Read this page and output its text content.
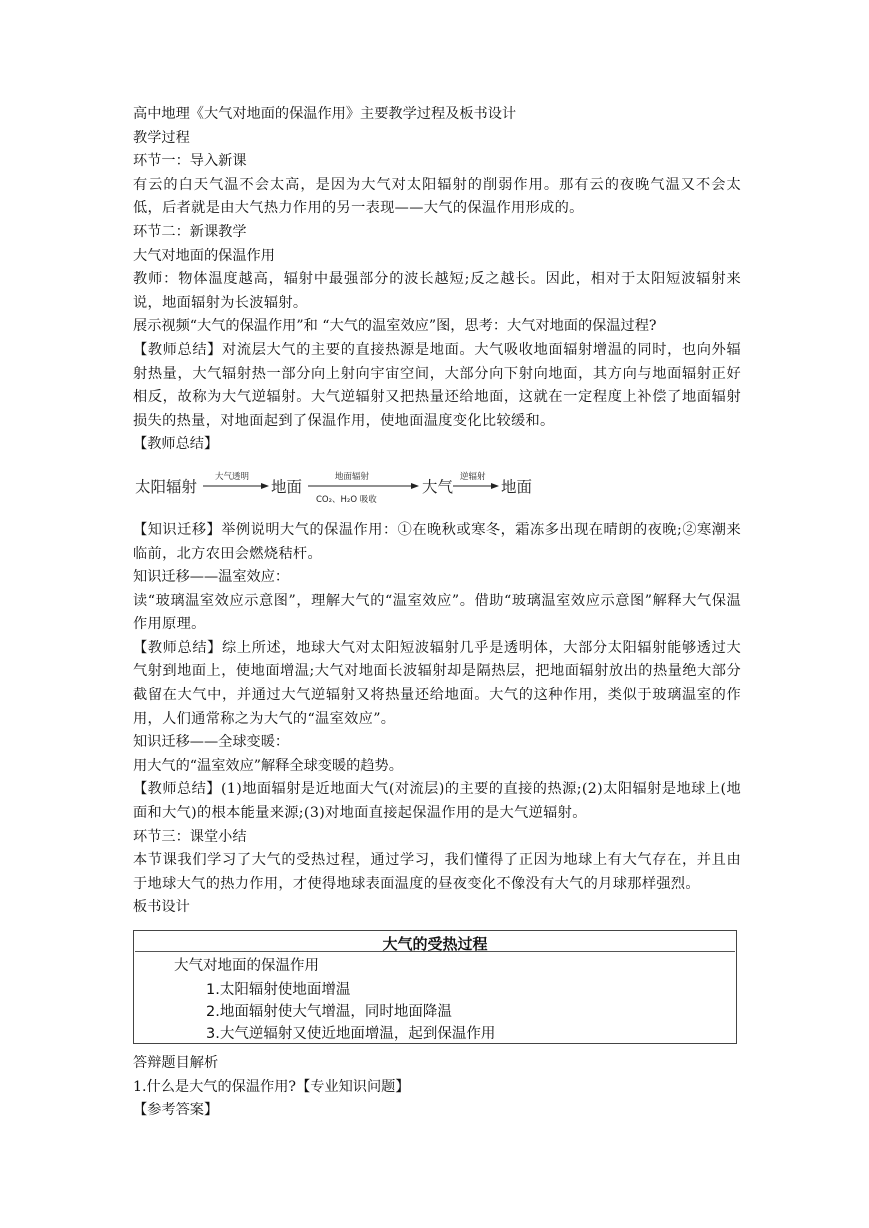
高中地理《大气对地面的保温作用》主要教学过程及板书设计
教学过程
环节一：导入新课
有云的白天气温不会太高，是因为大气对太阳辐射的削弱作用。那有云的夜晚气温又不会太低，后者就是由大气热力作用的另一表现——大气的保温作用形成的。
环节二：新课教学
大气对地面的保温作用
教师：物体温度越高，辐射中最强部分的波长越短;反之越长。因此，相对于太阳短波辐射来说，地面辐射为长波辐射。
展示视频“大气的保温作用”和 “大气的温室效应”图，思考：大气对地面的保温过程?
【教师总结】对流层大气的主要的直接热源是地面。大气吸收地面辐射增温的同时，也向外辐射热量，大气辐射热一部分向上射向宇宙空间，大部分向下射向地面，其方向与地面辐射正好相反，故称为大气逆辐射。大气逆辐射又把热量还给地面，这就在一定程度上补偿了地面辐射损失的热量，对地面起到了保温作用，使地面温度变化比较缓和。
【教师总结】
太阳辐射
大气透明
地面
地面辐射
CO₂、H₂O 吸收
大气
逆辐射
地面
【知识迁移】举例说明大气的保温作用：①在晚秋或寒冬，霜冻多出现在晴朗的夜晚;②寒潮来临前，北方农田会燃烧秸杆。
知识迁移——温室效应：
读“玻璃温室效应示意图”，理解大气的“温室效应”。借助“玻璃温室效应示意图”解释大气保温作用原理。
【教师总结】综上所述，地球大气对太阳短波辐射几乎是透明体，大部分太阳辐射能够透过大气射到地面上，使地面增温;大气对地面长波辐射却是隔热层，把地面辐射放出的热量绝大部分截留在大气中，并通过大气逆辐射又将热量还给地面。大气的这种作用，类似于玻璃温室的作用，人们通常称之为大气的“温室效应”。
知识迁移——全球变暖：
用大气的“温室效应”解释全球变暖的趋势。
【教师总结】(1)地面辐射是近地面大气(对流层)的主要的直接的热源;(2)太阳辐射是地球上(地面和大气)的根本能量来源;(3)对地面直接起保温作用的是大气逆辐射。
环节三：课堂小结
本节课我们学习了大气的受热过程，通过学习，我们懂得了正因为地球上有大气存在，并且由于地球大气的热力作用，才使得地球表面温度的昼夜变化不像没有大气的月球那样强烈。
板书设计
大气的受热过程
大气对地面的保温作用
1.太阳辐射使地面增温
2.地面辐射使大气增温，同时地面降温
3.大气逆辐射又使近地面增温，起到保温作用
答辩题目解析
1.什么是大气的保温作用?【专业知识问题】
【参考答案】
